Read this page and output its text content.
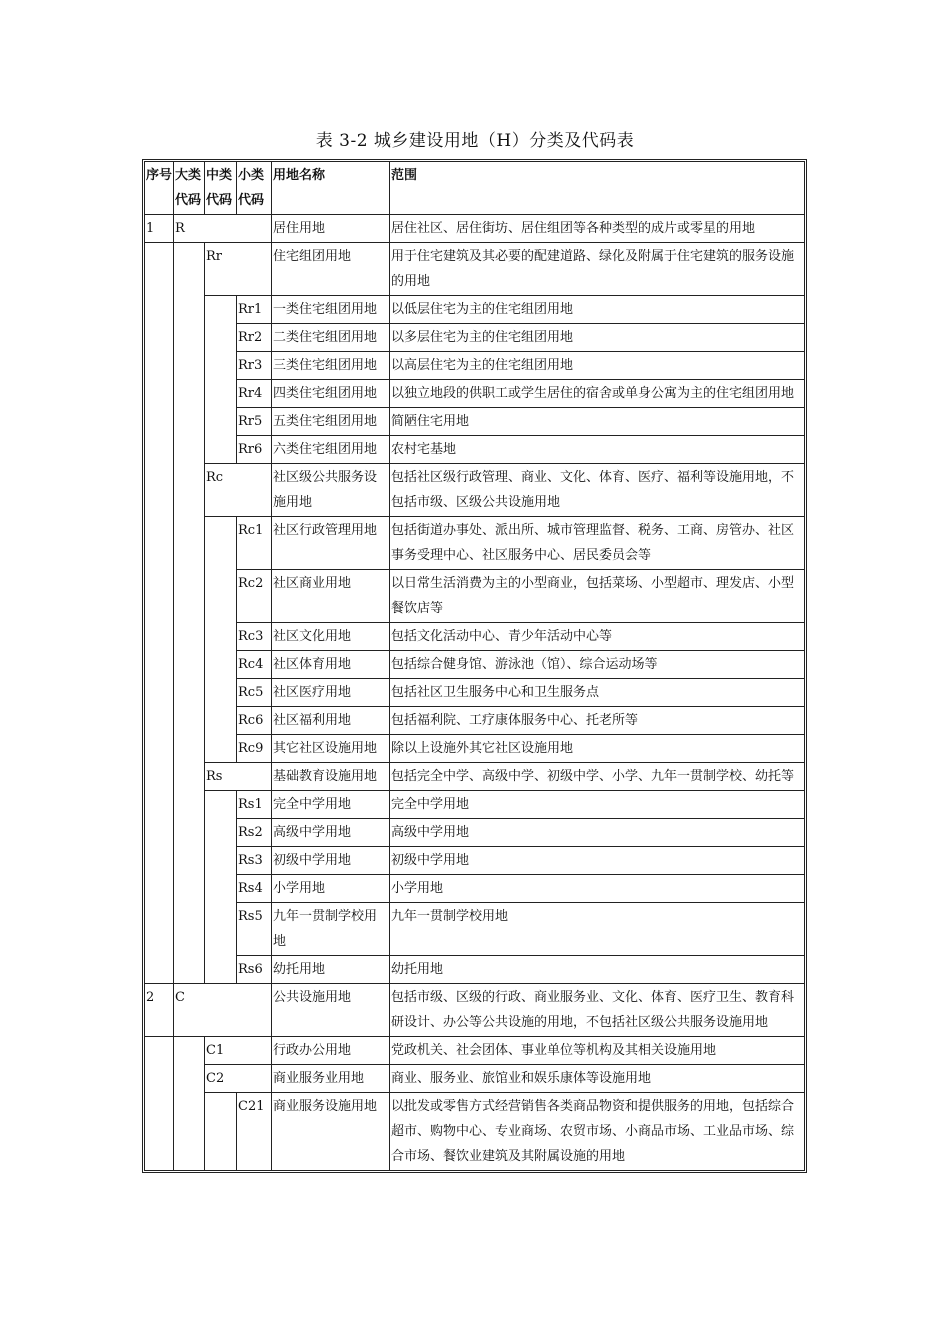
表 3-2 城乡建设用地（H）分类及代码表
序号	大类代码	中类代码	小类代码	用地名称	范围
1	R			居住用地	居住社区、居住街坊、居住组团等各种类型的成片或零星的用地
		Rr		住宅组团用地	用于住宅建筑及其必要的配建道路、绿化及附属于住宅建筑的服务设施的用地
			Rr1	一类住宅组团用地	以低层住宅为主的住宅组团用地
			Rr2	二类住宅组团用地	以多层住宅为主的住宅组团用地
			Rr3	三类住宅组团用地	以高层住宅为主的住宅组团用地
			Rr4	四类住宅组团用地	以独立地段的供职工或学生居住的宿舍或单身公寓为主的住宅组团用地
			Rr5	五类住宅组团用地	简陋住宅用地
			Rr6	六类住宅组团用地	农村宅基地
		Rc		社区级公共服务设施用地	包括社区级行政管理、商业、文化、体育、医疗、福利等设施用地，不包括市级、区级公共设施用地
			Rc1	社区行政管理用地	包括街道办事处、派出所、城市管理监督、税务、工商、房管办、社区事务受理中心、社区服务中心、居民委员会等
			Rc2	社区商业用地	以日常生活消费为主的小型商业，包括菜场、小型超市、理发店、小型餐饮店等
			Rc3	社区文化用地	包括文化活动中心、青少年活动中心等
			Rc4	社区体育用地	包括综合健身馆、游泳池（馆）、综合运动场等
			Rc5	社区医疗用地	包括社区卫生服务中心和卫生服务点
			Rc6	社区福利用地	包括福利院、工疗康体服务中心、托老所等
			Rc9	其它社区设施用地	除以上设施外其它社区设施用地
		Rs		基础教育设施用地	包括完全中学、高级中学、初级中学、小学、九年一贯制学校、幼托等
			Rs1	完全中学用地	完全中学用地
			Rs2	高级中学用地	高级中学用地
			Rs3	初级中学用地	初级中学用地
			Rs4	小学用地	小学用地
			Rs5	九年一贯制学校用地	九年一贯制学校用地
			Rs6	幼托用地	幼托用地
2	C			公共设施用地	包括市级、区级的行政、商业服务业、文化、体育、医疗卫生、教育科研设计、办公等公共设施的用地，不包括社区级公共服务设施用地
		C1		行政办公用地	党政机关、社会团体、事业单位等机构及其相关设施用地
		C2		商业服务业用地	商业、服务业、旅馆业和娱乐康体等设施用地
			C21	商业服务设施用地	以批发或零售方式经营销售各类商品物资和提供服务的用地，包括综合超市、购物中心、专业商场、农贸市场、小商品市场、工业品市场、综合市场、餐饮业建筑及其附属设施的用地
